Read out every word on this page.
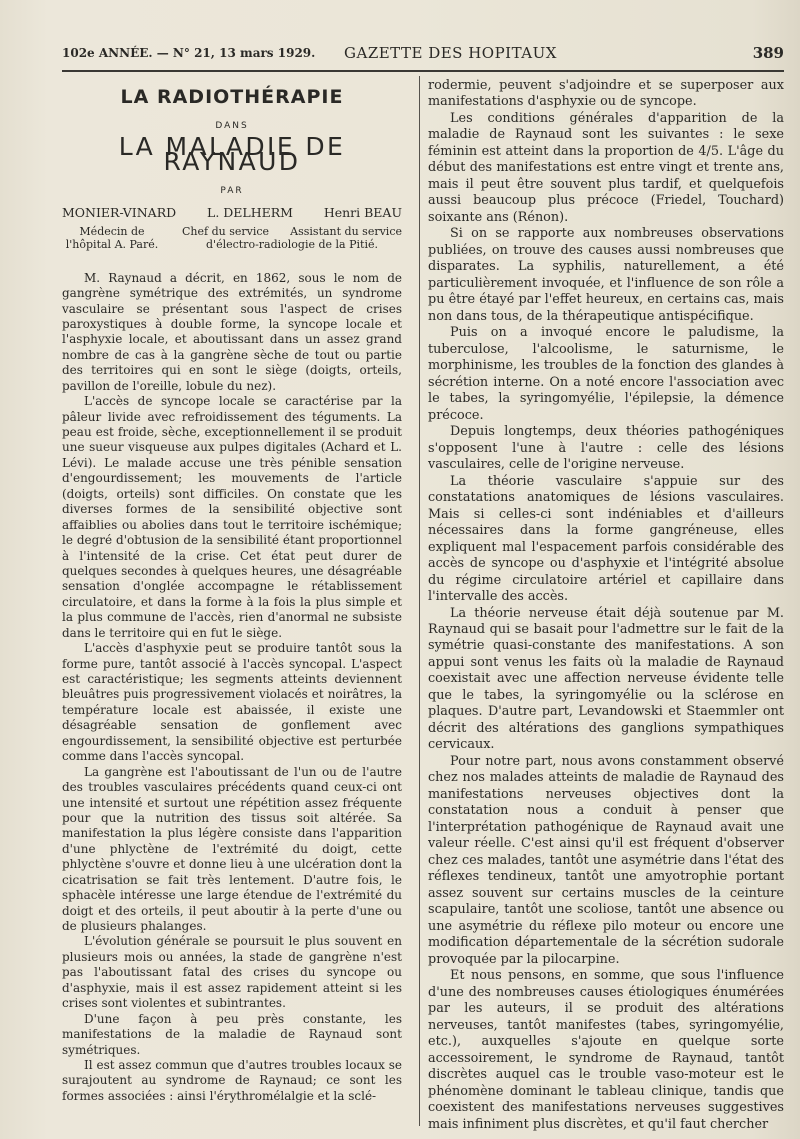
102e ANNÉE. — N° 21, 13 mars 1929. GAZETTE DES HOPITAUX	389
LA RADIOTHÉRAPIE
DANS
LA MALADIE DE RAYNAUD
PAR
MONIER-VINARD L. DELHERM Henri BEAU
Médecin de l'hôpital A. Paré.
Chef du service Assistant du service
d'électro-radiologie de la Pitié.

M. Raynaud a décrit, en 1862, sous le nom de gangrène symétrique des extrémités, un syndrome vasculaire se présentant sous l'aspect de crises paroxystiques à double forme, la syncope locale et l'asphyxie locale, et aboutissant dans un assez grand nombre de cas à la gangrène sèche de tout ou partie des territoires qui en sont le siège (doigts, orteils, pavillon de l'oreille, lobule du nez).

L'accès de syncope locale se caractérise par la pâleur livide avec refroidissement des téguments. La peau est froide, sèche, exceptionnellement il se produit une sueur visqueuse aux pulpes digitales (Achard et L. Lévi). Le malade accuse une très pénible sensation d'engourdissement; les mouvements de l'article (doigts, orteils) sont difficiles. On constate que les diverses formes de la sensibilité objective sont affaiblies ou abolies dans tout le territoire ischémique; le degré d'obtusion de la sensibilité étant proportionnel à l'intensité de la crise. Cet état peut durer de quelques secondes à quelques heures, une désagréable sensation d'onglée accompagne le rétablissement circulatoire, et dans la forme à la fois la plus simple et la plus commune de l'accès, rien d'anormal ne subsiste dans le territoire qui en fut le siège.

L'accès d'asphyxie peut se produire tantôt sous la forme pure, tantôt associé à l'accès syncopal. L'aspect est caractéristique; les segments atteints deviennent bleuâtres puis progressivement violacés et noirâtres, la température locale est abaissée, il existe une désagréable sensation de gonflement avec engourdissement, la sensibilité objective est perturbée comme dans l'accès syncopal.

La gangrène est l'aboutissant de l'un ou de l'autre des troubles vasculaires précédents quand ceux-ci ont une intensité et surtout une répétition assez fréquente pour que la nutrition des tissus soit altérée. Sa manifestation la plus légère consiste dans l'apparition d'une phlyctène de l'extrémité du doigt, cette phlyctène s'ouvre et donne lieu à une ulcération dont la cicatrisation se fait très lentement. D'autre fois, le sphacèle intéresse une large étendue de l'extrémité du doigt et des orteils, il peut aboutir à la perte d'une ou de plusieurs phalanges.

L'évolution générale se poursuit le plus souvent en plusieurs mois ou années, la stade de gangrène n'est pas l'aboutissant fatal des crises du syncope ou d'asphyxie, mais il est assez rapidement atteint si les crises sont violentes et subintrantes.

D'une façon à peu près constante, les manifestations de la maladie de Raynaud sont symétriques.

Il est assez commun que d'autres troubles locaux se surajoutent au syndrome de Raynaud; ce sont les formes associées : ainsi l'érythromélalgie et la sclé-

rodermie, peuvent s'adjoindre et se superposer aux manifestations d'asphyxie ou de syncope.

Les conditions générales d'apparition de la maladie de Raynaud sont les suivantes : le sexe féminin est atteint dans la proportion de 4/5. L'âge du début des manifestations est entre vingt et trente ans, mais il peut être souvent plus tardif, et quelquefois aussi beaucoup plus précoce (Friedel, Touchard) soixante ans (Rénon).

Si on se rapporte aux nombreuses observations publiées, on trouve des causes aussi nombreuses que disparates. La syphilis, naturellement, a été particulièrement invoquée, et l'influence de son rôle a pu être étayé par l'effet heureux, en certains cas, mais non dans tous, de la thérapeutique antispécifique.

Puis on a invoqué encore le paludisme, la tuberculose, l'alcoolisme, le saturnisme, le morphinisme, les troubles de la fonction des glandes à sécrétion interne. On a noté encore l'association avec le tabes, la syringomyélie, l'épilepsie, la démence précoce.

Depuis longtemps, deux théories pathogéniques s'opposent l'une à l'autre : celle des lésions vasculaires, celle de l'origine nerveuse.

La théorie vasculaire s'appuie sur des constatations anatomiques de lésions vasculaires. Mais si celles-ci sont indéniables et d'ailleurs nécessaires dans la forme gangréneuse, elles expliquent mal l'espacement parfois considérable des accès de syncope ou d'asphyxie et l'intégrité absolue du régime circulatoire artériel et capillaire dans l'intervalle des accès.

La théorie nerveuse était déjà soutenue par M. Raynaud qui se basait pour l'admettre sur le fait de la symétrie quasi-constante des manifestations. A son appui sont venus les faits où la maladie de Raynaud coexistait avec une affection nerveuse évidente telle que le tabes, la syringomyélie ou la sclérose en plaques. D'autre part, Levandowski et Staemmler ont décrit des altérations des ganglions sympathiques cervicaux.

Pour notre part, nous avons constamment observé chez nos malades atteints de maladie de Raynaud des manifestations nerveuses objectives dont la constatation nous a conduit à penser que l'interprétation pathogénique de Raynaud avait une valeur réelle. C'est ainsi qu'il est fréquent d'observer chez ces malades, tantôt une asymétrie dans l'état des réflexes tendineux, tantôt une amyotrophie portant assez souvent sur certains muscles de la ceinture scapulaire, tantôt une scoliose, tantôt une absence ou une asymétrie du réflexe pilo moteur ou encore une modification départementale de la sécrétion sudorale provoquée par la pilocarpine.

Et nous pensons, en somme, que sous l'influence d'une des nombreuses causes étiologiques énumérées par les auteurs, il se produit des altérations nerveuses, tantôt manifestes (tabes, syringomyélie, etc.), auxquelles s'ajoute en quelque sorte accessoirement, le syndrome de Raynaud, tantôt discrètes auquel cas le trouble vaso-moteur est le phénomène dominant le tableau clinique, tandis que coexistent des manifestations nerveuses suggestives mais infiniment plus discrètes, et qu'il faut chercher
